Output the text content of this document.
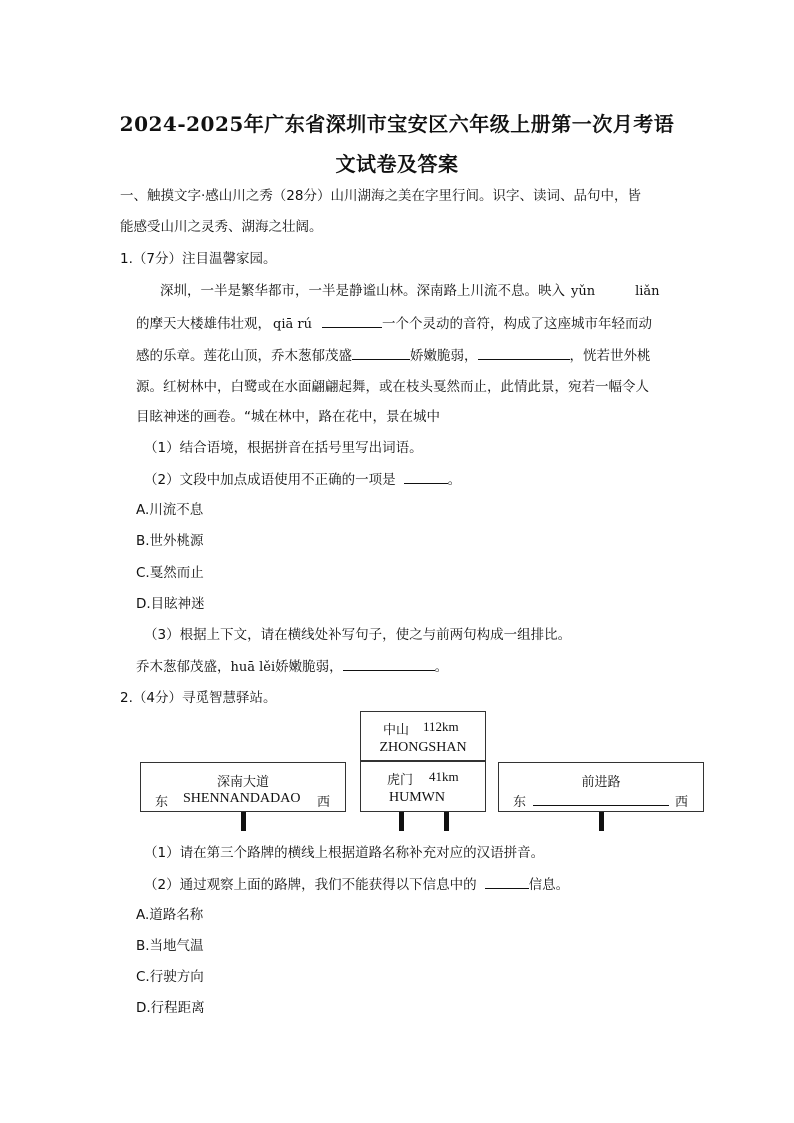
2024-2025年广东省深圳市宝安区六年级上册第一次月考语
文试卷及答案
一、触摸文字·感山川之秀（28分）山川湖海之美在字里行间。识字、读词、品句中，皆
能感受山川之灵秀、湖海之壮阔。
1.（7分）注目温馨家园。
深圳，一半是繁华都市，一半是静谧山林。深南路上川流不息。映入 yǔn	liǎn
的摩天大楼雄伟壮观， qiā rú	一个个灵动的音符，构成了这座城市年轻而动
感的乐章。莲花山顶，乔木葱郁茂盛	娇嫩脆弱，	，恍若世外桃
源。红树林中，白鹭或在水面翩翩起舞，或在枝头戛然而止，此情此景，宛若一幅令人
目眩神迷的画卷。“城在林中，路在花中，景在城中
（1）结合语境，根据拼音在括号里写出词语。
（2）文段中加点成语使用不正确的一项是	。
A.川流不息
B.世外桃源
C.戛然而止
D.目眩神迷
（3）根据上下文，请在横线处补写句子，使之与前两句构成一组排比。
乔木葱郁茂盛，huā lěi娇嫩脆弱，	。
2.（4分）寻觅智慧驿站。
深南大道
东 SHENNANDADAO 西
中山 112km
ZHONGSHAN
虎门 41km
HUMWN
前进路
东	西
（1）请在第三个路牌的横线上根据道路名称补充对应的汉语拼音。
（2）通过观察上面的路牌，我们不能获得以下信息中的	信息。
A.道路名称
B.当地气温
C.行驶方向
D.行程距离
